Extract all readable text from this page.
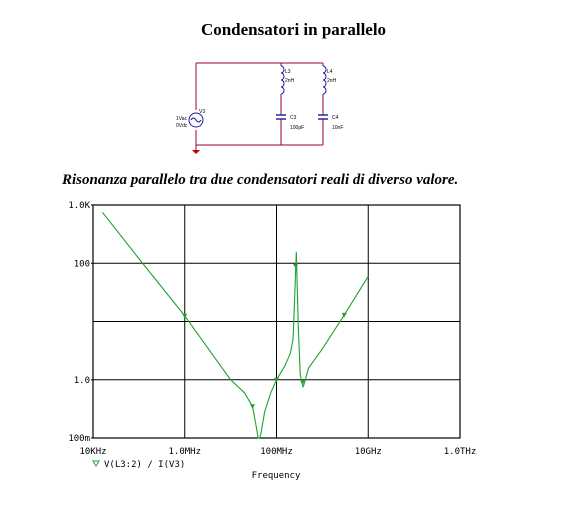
Condensatori in parallelo
V3
1Vac
0Vdc
L3
2nH
L4
2nH
C3
100pF
C4
10nF
Risonanza parallelo tra due condensatori reali di diverso valore.
100m
1.0
100
1.0K
10KHz	1.0MHz	100MHz	10GHz	1.0THz
V(L3:2) / I(V3)
Frequency
